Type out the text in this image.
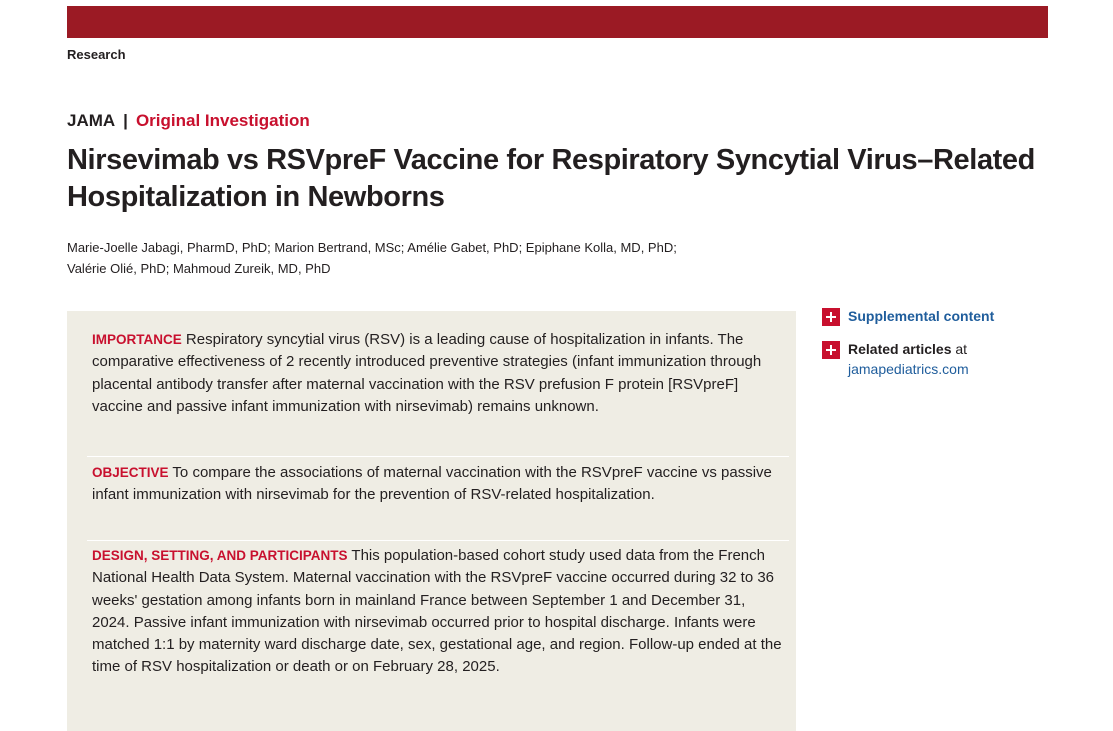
Research
JAMA | Original Investigation
Nirsevimab vs RSVpreF Vaccine for Respiratory Syncytial Virus–Related Hospitalization in Newborns
Marie-Joelle Jabagi, PharmD, PhD; Marion Bertrand, MSc; Amélie Gabet, PhD; Epiphane Kolla, MD, PhD;
Valérie Olié, PhD; Mahmoud Zureik, MD, PhD
Supplemental content
Related articles at
jamapediatrics.com
IMPORTANCE Respiratory syncytial virus (RSV) is a leading cause of hospitalization in infants. The comparative effectiveness of 2 recently introduced preventive strategies (infant immunization through placental antibody transfer after maternal vaccination with the RSV prefusion F protein [RSVpreF] vaccine and passive infant immunization with nirsevimab) remains unknown.
OBJECTIVE To compare the associations of maternal vaccination with the RSVpreF vaccine vs passive infant immunization with nirsevimab for the prevention of RSV-related hospitalization.
DESIGN, SETTING, AND PARTICIPANTS This population-based cohort study used data from the French National Health Data System. Maternal vaccination with the RSVpreF vaccine occurred during 32 to 36 weeks' gestation among infants born in mainland France between September 1 and December 31, 2024. Passive infant immunization with nirsevimab occurred prior to hospital discharge. Infants were matched 1:1 by maternity ward discharge date, sex, gestational age, and region. Follow-up ended at the time of RSV hospitalization or death or on February 28, 2025.
